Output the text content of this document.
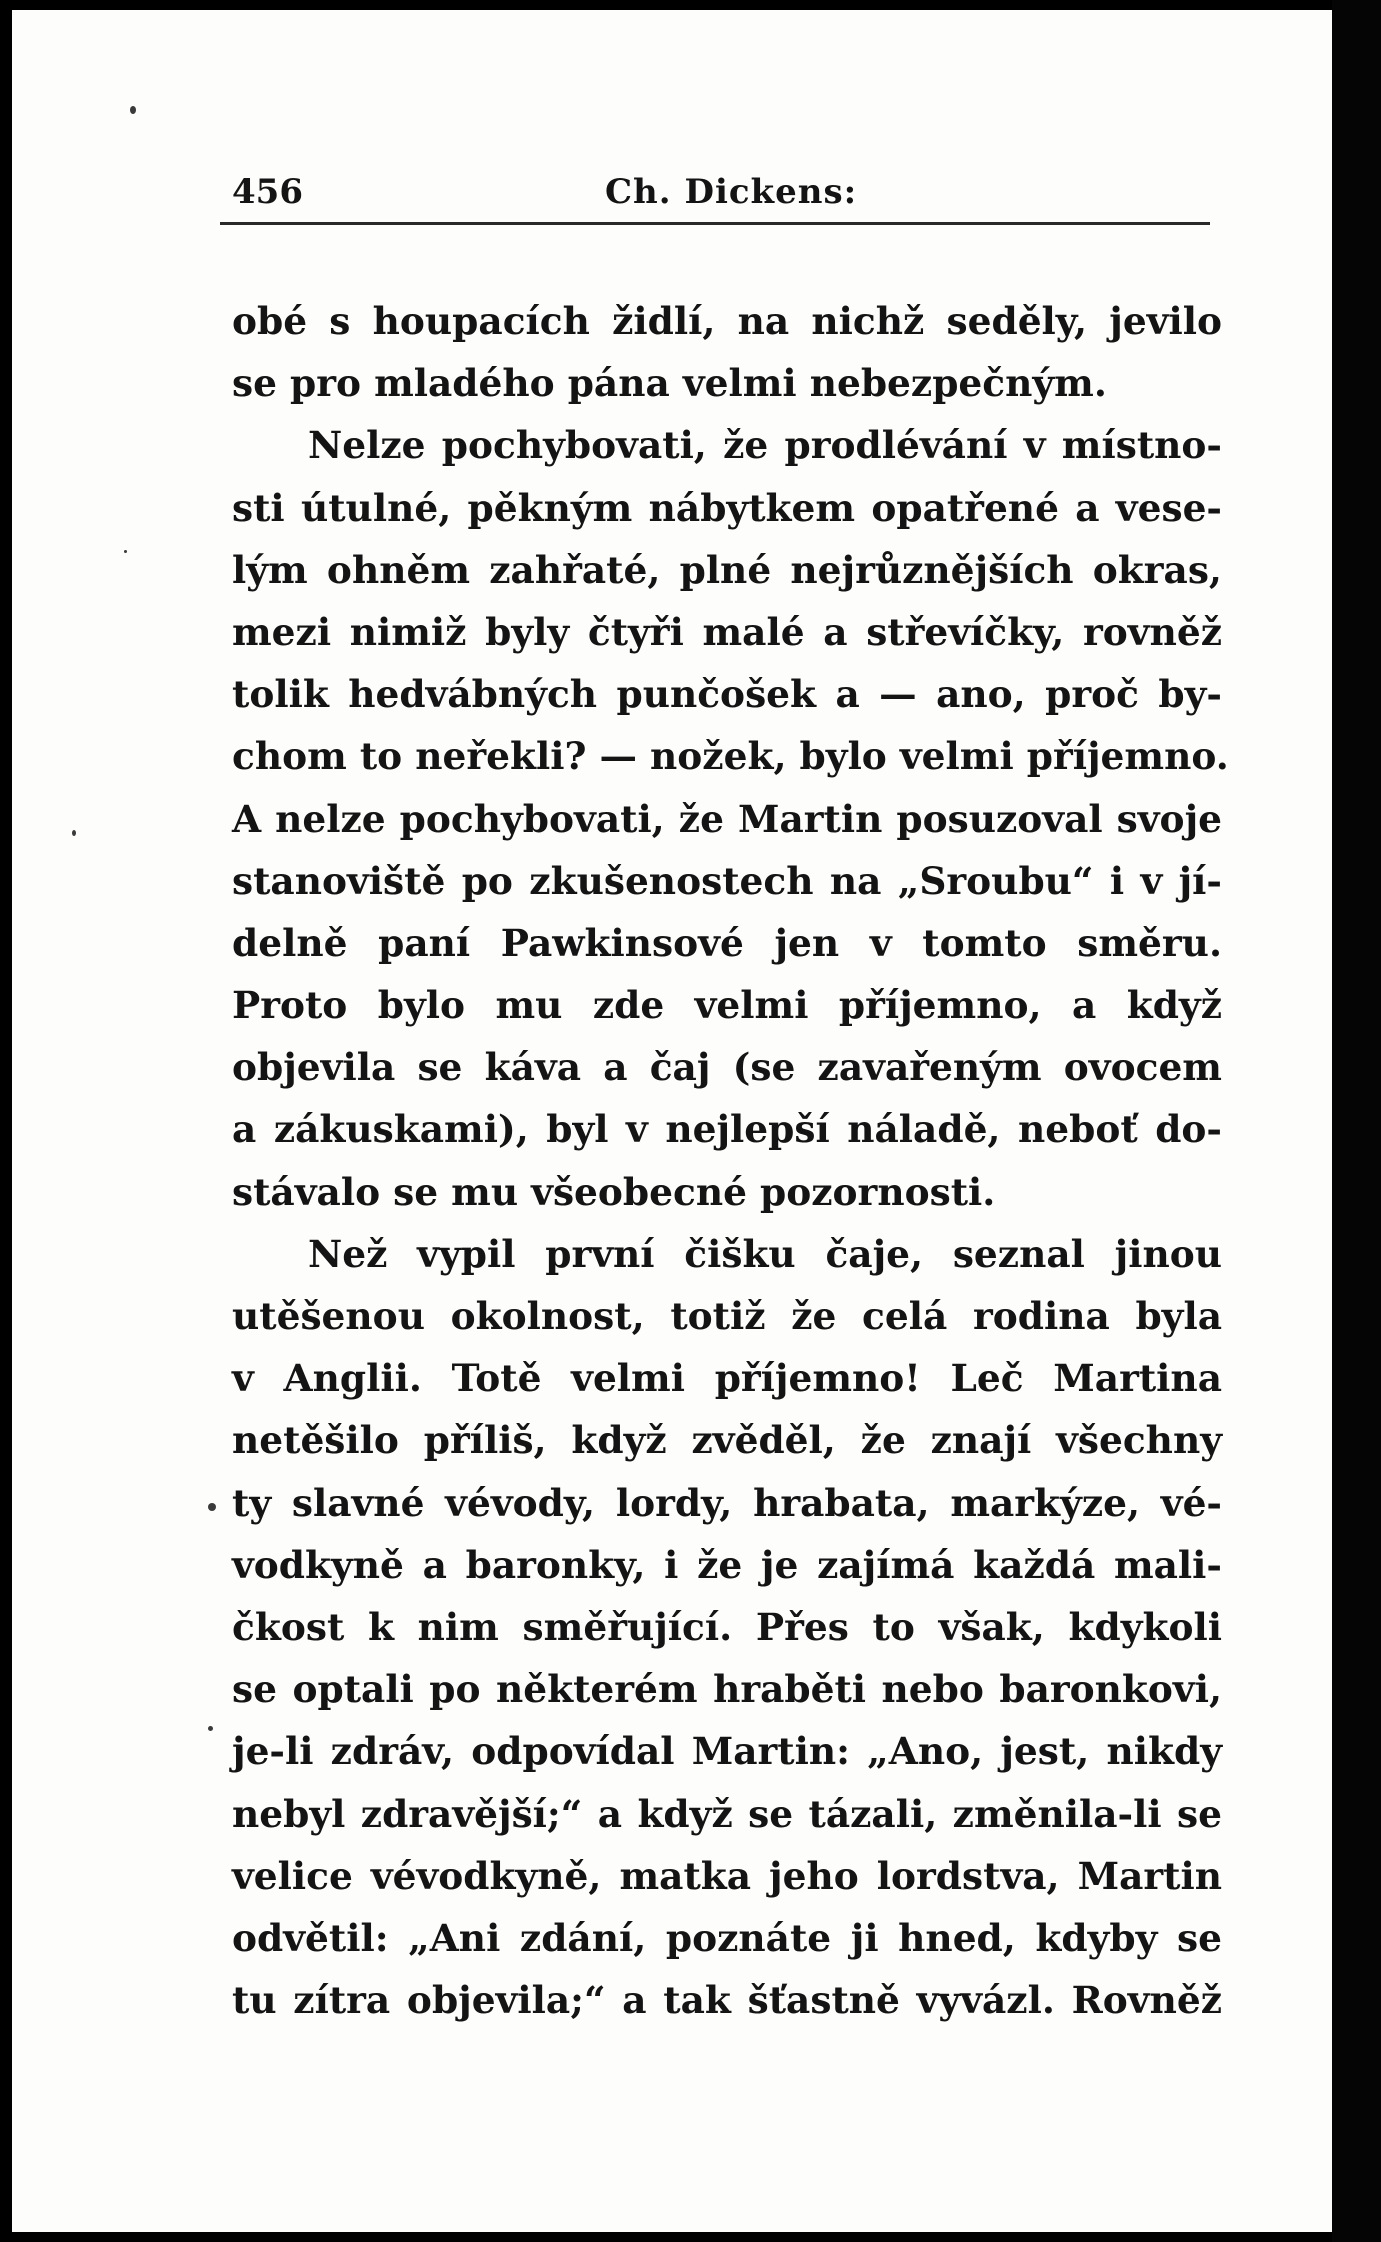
456	Ch. Dickens:
obé s houpacích židlí, na nichž seděly, jevilo
se pro mladého pána velmi nebezpečným.
Nelze pochybovati, že prodlévání v místno-
sti útulné, pěkným nábytkem opatřené a vese-
lým ohněm zahřaté, plné nejrůznějších okras,
mezi nimiž byly čtyři malé a střevíčky, rovněž
tolik hedvábných punčošek a — ano, proč by-
chom to neřekli? — nožek, bylo velmi příjemno.
A nelze pochybovati, že Martin posuzoval svoje
stanoviště po zkušenostech na „Sroubu“ i v jí-
delně paní Pawkinsové jen v tomto směru.
Proto bylo mu zde velmi příjemno, a když
objevila se káva a čaj (se zavařeným ovocem
a zákuskami), byl v nejlepší náladě, neboť do-
stávalo se mu všeobecné pozornosti.
Než vypil první čišku čaje, seznal jinou
utěšenou okolnost, totiž že celá rodina byla
v Anglii. Totě velmi příjemno! Leč Martina
netěšilo příliš, když zvěděl, že znají všechny
ty slavné vévody, lordy, hrabata, markýze, vé-
vodkyně a baronky, i že je zajímá každá mali-
čkost k nim směřující. Přes to však, kdykoli
se optali po některém hraběti nebo baronkovi,
je-li zdráv, odpovídal Martin: „Ano, jest, nikdy
nebyl zdravější;“ a když se tázali, změnila-li se
velice vévodkyně, matka jeho lordstva, Martin
odvětil: „Ani zdání, poznáte ji hned, kdyby se
tu zítra objevila;“ a tak šťastně vyvázl. Rovněž
